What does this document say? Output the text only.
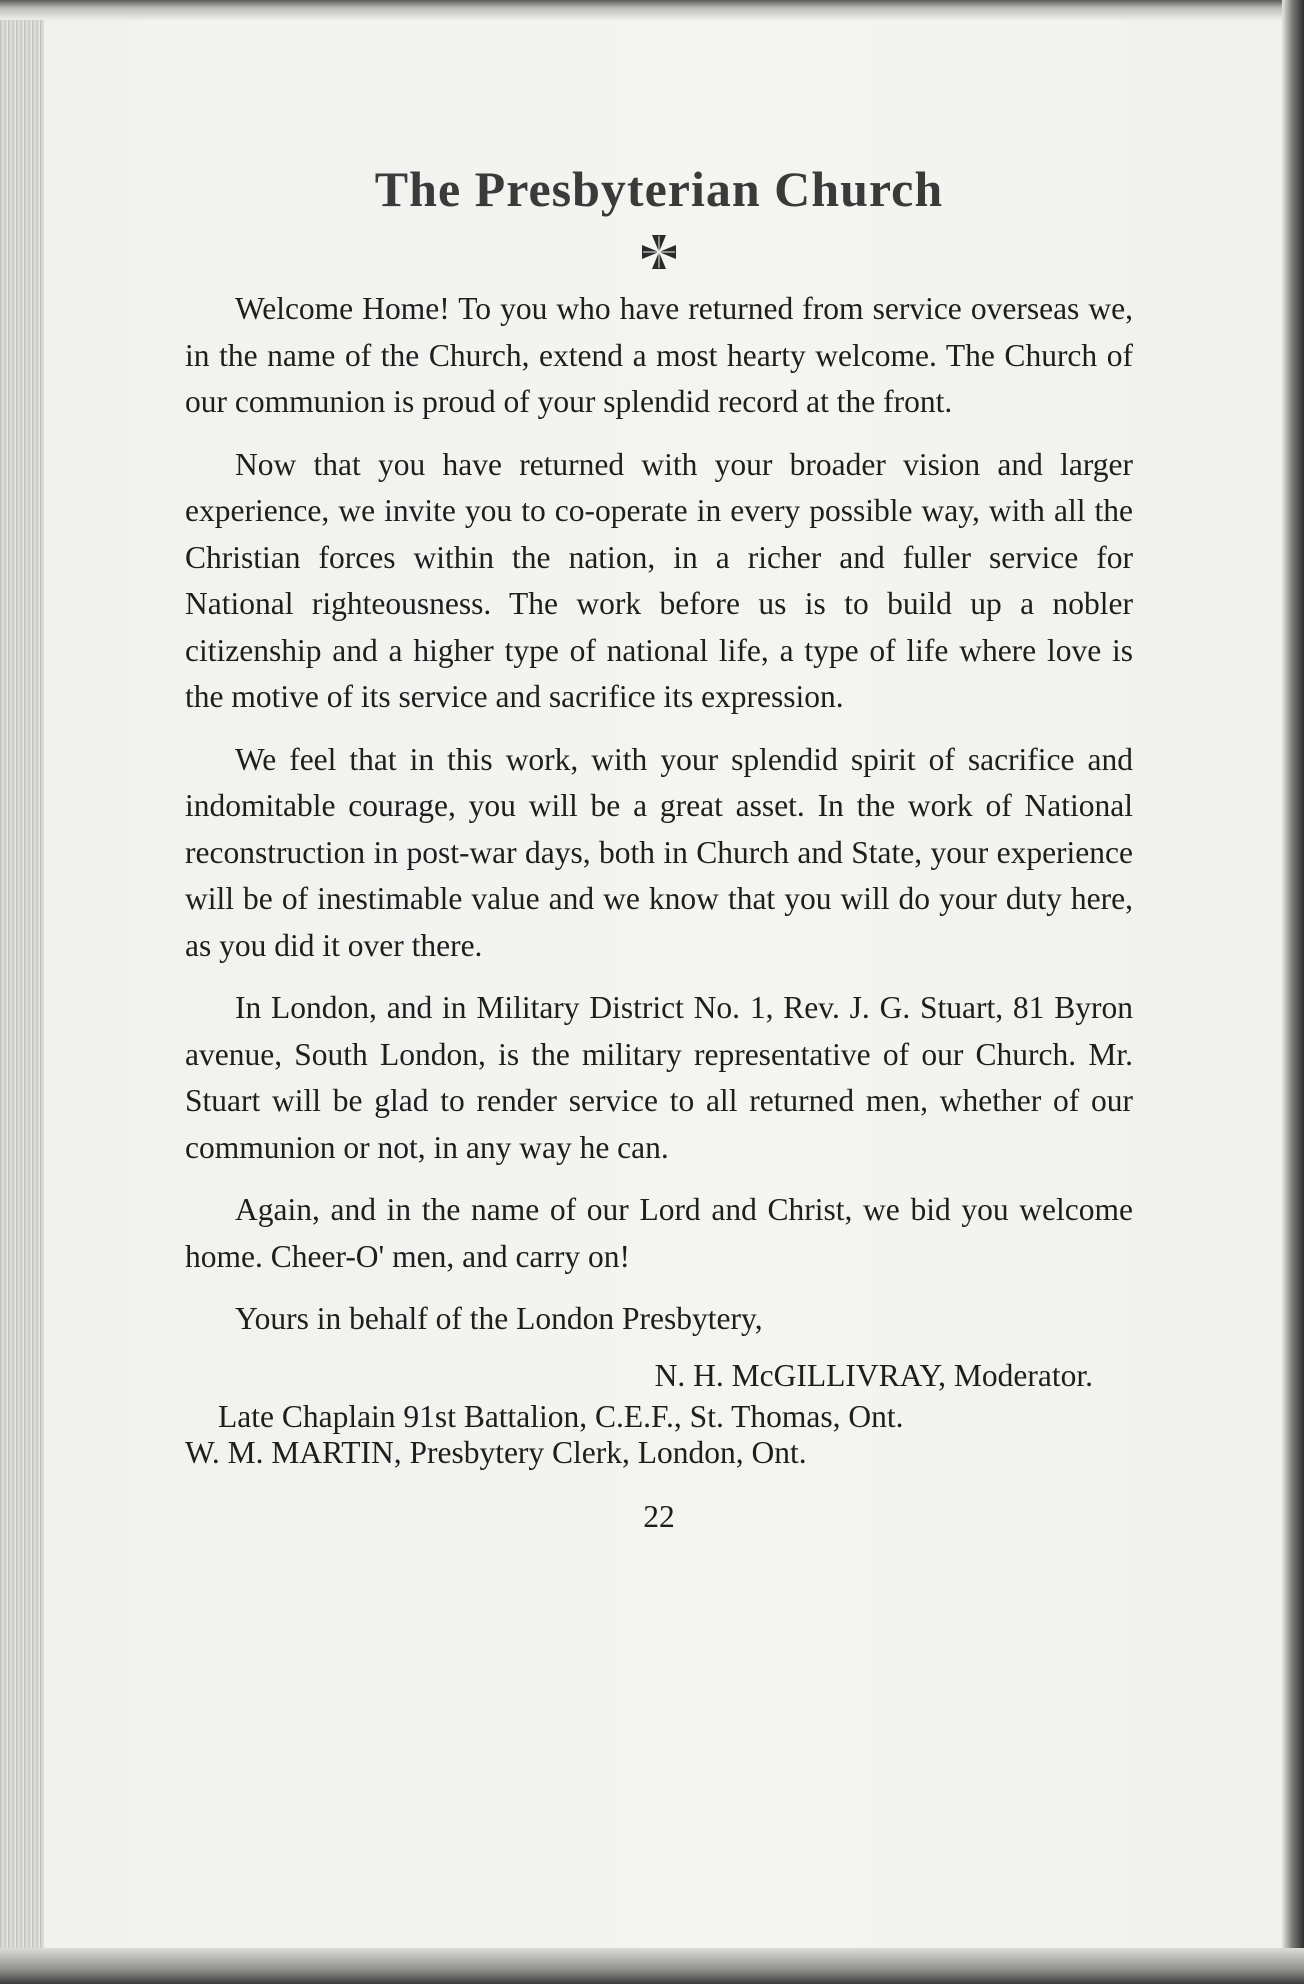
The Presbyterian Church

Welcome Home! To you who have returned from service overseas we, in the name of the Church, extend a most hearty welcome. The Church of our communion is proud of your splendid record at the front.

Now that you have returned with your broader vision and larger experience, we invite you to co-operate in every possible way, with all the Christian forces within the nation, in a richer and fuller service for National righteousness. The work before us is to build up a nobler citizenship and a higher type of national life, a type of life where love is the motive of its service and sacrifice its expression.

We feel that in this work, with your splendid spirit of sacrifice and indomitable courage, you will be a great asset. In the work of National reconstruction in post-war days, both in Church and State, your experience will be of inestimable value and we know that you will do your duty here, as you did it over there.

In London, and in Military District No. 1, Rev. J. G. Stuart, 81 Byron avenue, South London, is the military representative of our Church. Mr. Stuart will be glad to render service to all returned men, whether of our communion or not, in any way he can.

Again, and in the name of our Lord and Christ, we bid you welcome home. Cheer-O' men, and carry on!

Yours in behalf of the London Presbytery,

N. H. McGILLIVRAY, Moderator.

Late Chaplain 91st Battalion, C.E.F., St. Thomas, Ont.

W. M. MARTIN, Presbytery Clerk, London, Ont.

22
